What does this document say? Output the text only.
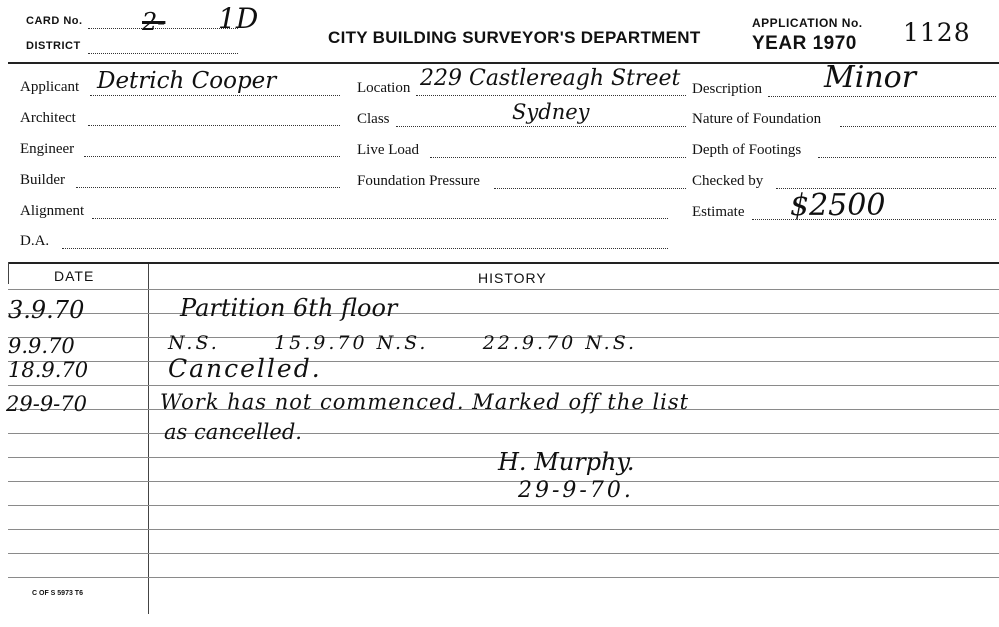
CARD No. 2- 1D
DISTRICT	CITY BUILDING SURVEYOR'S DEPARTMENT
APPLICATION No.
YEAR 1970 1128
Applicant Detrich Cooper
Architect
Engineer
Builder
Alignment
D.A.
Location 229 Castlereagh Street
Sydney
Class
Live Load
Foundation Pressure
Description Minor
Nature of Foundation
Depth of Footings
Checked by
Estimate $2500
DATE	HISTORY
3.9.70	Partition 6th floor
9.9.70	N.S.      15.9.70 N.S.      22.9.70 N.S.
18.9.70	Cancelled.
29-9-70	Work has not commenced. Marked off the list
as cancelled.
H. Murphy.
29-9-70.
C OF S 5973 T6
